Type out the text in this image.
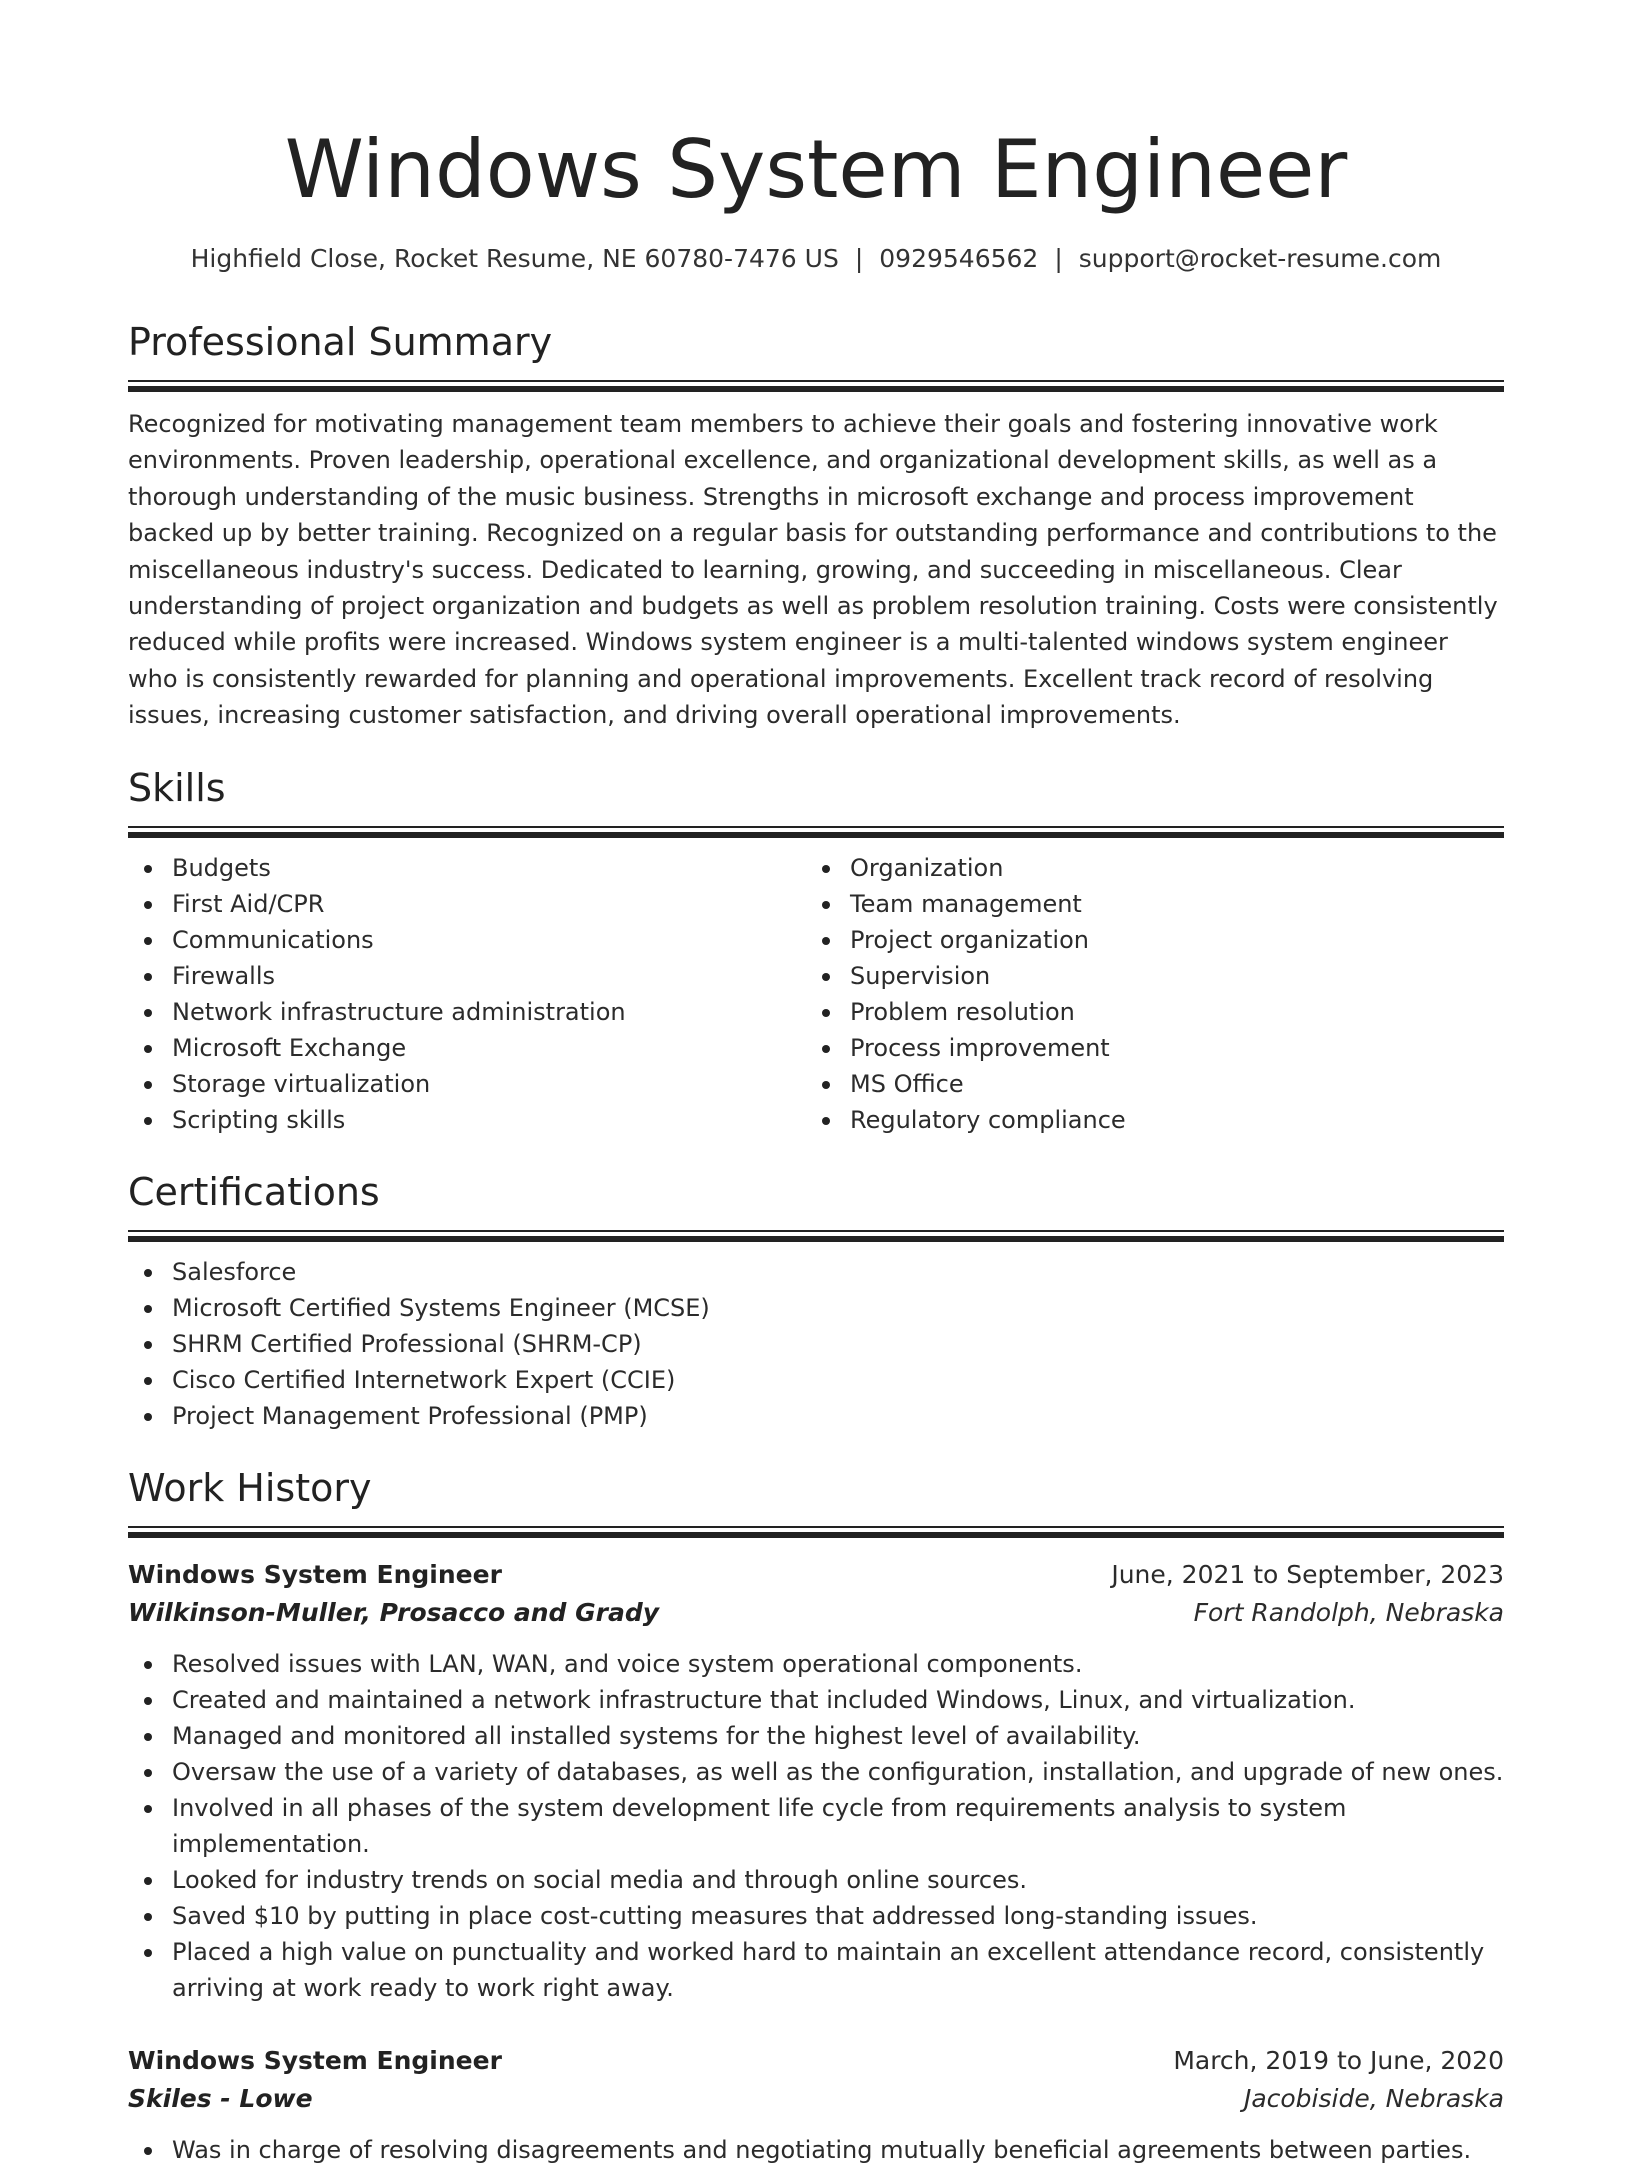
Windows System Engineer
Highfield Close, Rocket Resume, NE 60780-7476 US | 0929546562 | support@rocket-resume.com
Professional Summary

Recognized for motivating management team members to achieve their goals and fostering innovative work environments. Proven leadership, operational excellence, and organizational development skills, as well as a thorough understanding of the music business. Strengths in microsoft exchange and process improvement backed up by better training. Recognized on a regular basis for outstanding performance and contributions to the miscellaneous industry's success. Dedicated to learning, growing, and succeeding in miscellaneous. Clear understanding of project organization and budgets as well as problem resolution training. Costs were consistently reduced while profits were increased. Windows system engineer is a multi-talented windows system engineer who is consistently rewarded for planning and operational improvements. Excellent track record of resolving issues, increasing customer satisfaction, and driving overall operational improvements.

Skills
Budgets
First Aid/CPR
Communications
Firewalls
Network infrastructure administration
Microsoft Exchange
Storage virtualization
Scripting skills
Organization
Team management
Project organization
Supervision
Problem resolution
Process improvement
MS Office
Regulatory compliance
Certifications
Salesforce
Microsoft Certified Systems Engineer (MCSE)
SHRM Certified Professional (SHRM-CP)
Cisco Certified Internetwork Expert (CCIE)
Project Management Professional (PMP)
Work History
Windows System Engineer	June, 2021 to September, 2023
Wilkinson-Muller, Prosacco and Grady	Fort Randolph, Nebraska
Resolved issues with LAN, WAN, and voice system operational components.
Created and maintained a network infrastructure that included Windows, Linux, and virtualization.
Managed and monitored all installed systems for the highest level of availability.
Oversaw the use of a variety of databases, as well as the configuration, installation, and upgrade of new ones.
Involved in all phases of the system development life cycle from requirements analysis to system implementation.
Looked for industry trends on social media and through online sources.
Saved $10 by putting in place cost-cutting measures that addressed long-standing issues.
Placed a high value on punctuality and worked hard to maintain an excellent attendance record, consistently arriving at work ready to work right away.
Windows System Engineer	March, 2019 to June, 2020
Skiles - Lowe	Jacobiside, Nebraska
Was in charge of resolving disagreements and negotiating mutually beneficial agreements between parties.
